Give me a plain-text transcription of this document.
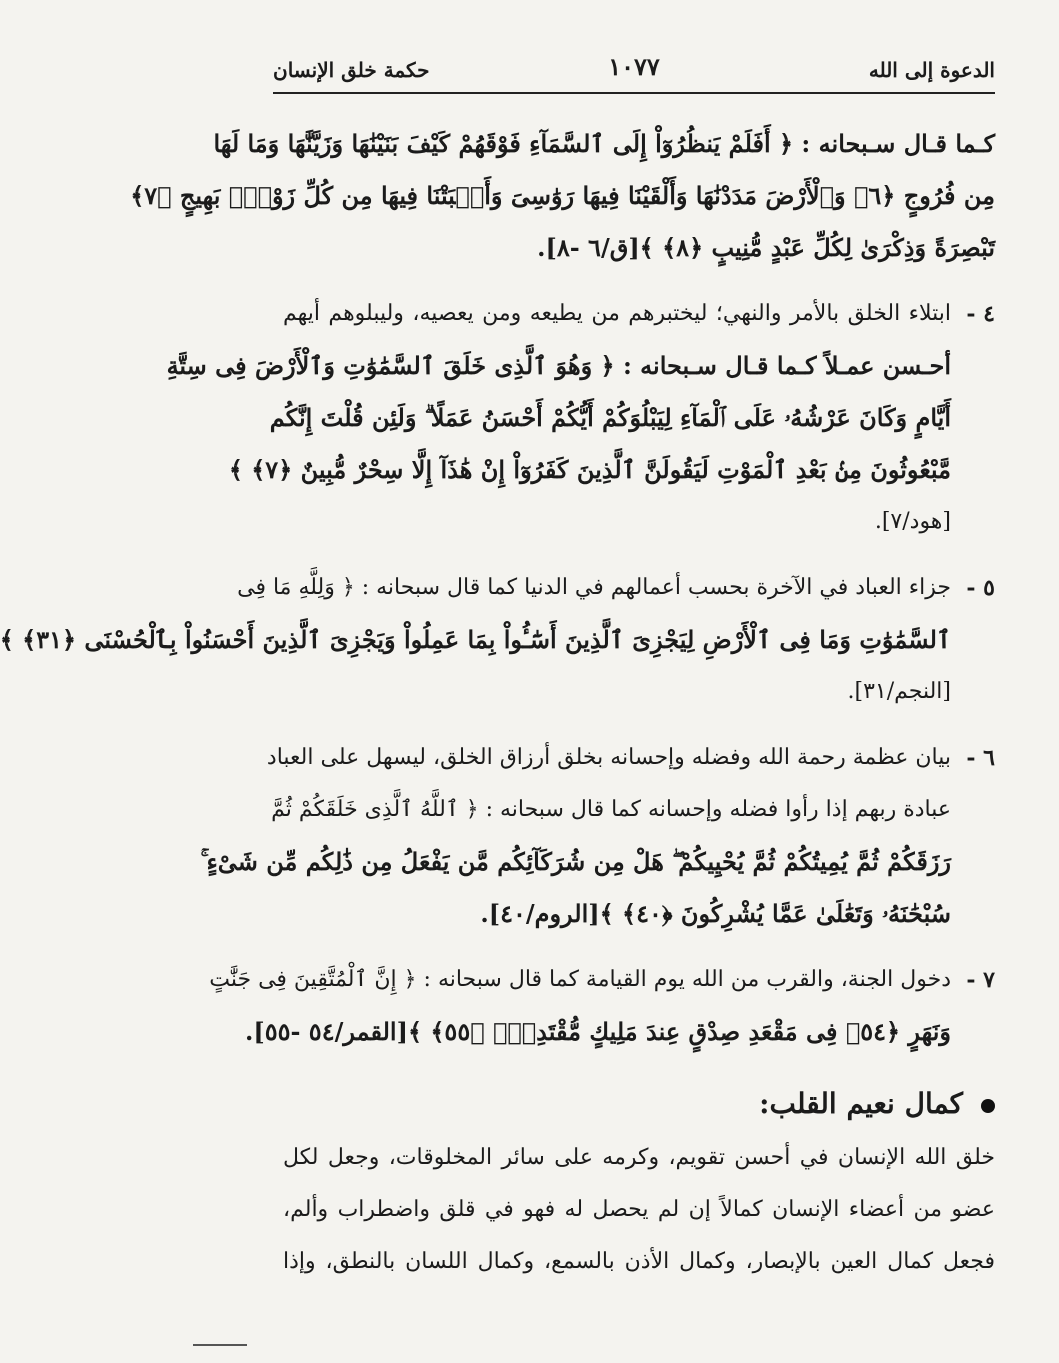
الدعوة إلى الله
١٠٧٧
حكمة خلق الإنسان
كـما قـال سـبحانه : ﴿ أَفَلَمْ يَنظُرُوٓاْ إِلَى ٱلسَّمَآءِ فَوْقَهُمْ كَيْفَ بَنَيْنَٰهَا وَزَيَّنَّٰهَا وَمَا لَهَا
مِن فُرُوجٍ ﴿٦﴾ وَٱلْأَرْضَ مَدَدْنَٰهَا وَأَلْقَيْنَا فِيهَا رَوَٰسِىَ وَأَنۢبَتْنَا فِيهَا مِن كُلِّ زَوْجٍۭ بَهِيجٍ ﴿٧﴾
تَبْصِرَةً وَذِكْرَىٰ لِكُلِّ عَبْدٍ مُّنِيبٍ ﴿٨﴾ ﴾[ق/٦ -٨].
٤ -
ابتلاء الخلق بالأمر والنهي؛ ليختبرهم من يطيعه ومن يعصيه، وليبلوهم أيهم
أحـسن عمـلاً كـما قـال سـبحانه : ﴿ وَهُوَ ٱلَّذِى خَلَقَ ٱلسَّمَٰوَٰتِ وَٱلْأَرْضَ فِى سِتَّةِ
أَيَّامٍ وَكَانَ عَرْشُهُۥ عَلَى ٱلْمَآءِ لِيَبْلُوَكُمْ أَيُّكُمْ أَحْسَنُ عَمَلًا ۗ وَلَئِن قُلْتَ إِنَّكُم
مَّبْعُوثُونَ مِنۢ بَعْدِ ٱلْمَوْتِ لَيَقُولَنَّ ٱلَّذِينَ كَفَرُوٓاْ إِنْ هَٰذَآ إِلَّا سِحْرٌ مُّبِينٌ ﴿٧﴾ ﴾
[هود/٧].
٥ -
جزاء العباد في الآخرة بحسب أعمالهم في الدنيا كما قال سبحانه : ﴿ وَلِلَّهِ مَا فِى
ٱلسَّمَٰوَٰتِ وَمَا فِى ٱلْأَرْضِ لِيَجْزِىَ ٱلَّذِينَ أَسَٰٓـُٔواْ بِمَا عَمِلُواْ وَيَجْزِىَ ٱلَّذِينَ أَحْسَنُواْ بِٱلْحُسْنَى ﴿٣١﴾ ﴾
[النجم/٣١].
٦ -
بيان عظمة رحمة الله وفضله وإحسانه بخلق أرزاق الخلق، ليسهل على العباد
عبادة ربهم إذا رأوا فضله وإحسانه كما قال سبحانه : ﴿ ٱللَّهُ ٱلَّذِى خَلَقَكُمْ ثُمَّ
رَزَقَكُمْ ثُمَّ يُمِيتُكُمْ ثُمَّ يُحْيِيكُمْ ۖ هَلْ مِن شُرَكَآئِكُم مَّن يَفْعَلُ مِن ذَٰلِكُم مِّن شَىْءٍ ۚ
سُبْحَٰنَهُۥ وَتَعَٰلَىٰ عَمَّا يُشْرِكُونَ ﴿٤٠﴾ ﴾[الروم/٤٠].
٧ -
دخول الجنة، والقرب من الله يوم القيامة كما قال سبحانه : ﴿ إِنَّ ٱلْمُتَّقِينَ فِى جَنَّٰتٍ
وَنَهَرٍ ﴿٥٤﴾ فِى مَقْعَدِ صِدْقٍ عِندَ مَلِيكٍ مُّقْتَدِرٍۭ ﴿٥٥﴾ ﴾[القمر/٥٤ -٥٥].
كمال نعيم القلب:
خلق الله الإنسان في أحسن تقويم، وكرمه على سائر المخلوقات، وجعل لكل
عضو من أعضاء الإنسان كمالاً إن لم يحصل له فهو في قلق واضطراب وألم،
فجعل كمال العين بالإبصار، وكمال الأذن بالسمع، وكمال اللسان بالنطق، وإذا
